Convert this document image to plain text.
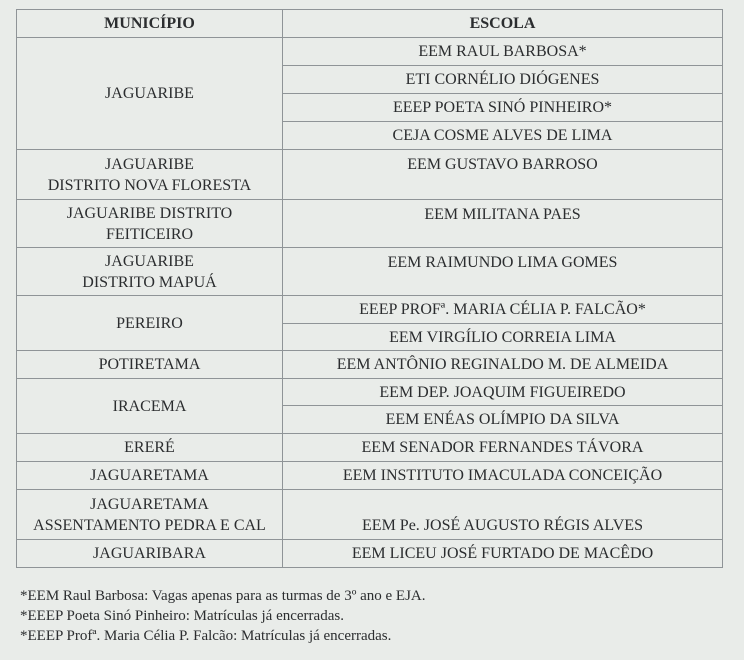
MUNICÍPIO	ESCOLA

JAGUARIBE	EEM RAUL BARBOSA*
	ETI CORNÉLIO DIÓGENES
	EEEP POETA SINÓ PINHEIRO*
	CEJA COSME ALVES DE LIMA

JAGUARIBE
DISTRITO NOVA FLORESTA	EEM GUSTAVO BARROSO

JAGUARIBE DISTRITO
FEITICEIRO	EEM MILITANA PAES

JAGUARIBE
DISTRITO MAPUÁ	EEM RAIMUNDO LIMA GOMES

PEREIRO	EEEP PROFª. MARIA CÉLIA P. FALCÃO*
	EEM VIRGÍLIO CORREIA LIMA

POTIRETAMA	EEM ANTÔNIO REGINALDO M. DE ALMEIDA

IRACEMA	EEM DEP. JOAQUIM FIGUEIREDO
	EEM ENÉAS OLÍMPIO DA SILVA

ERERÉ	EEM SENADOR FERNANDES TÁVORA

JAGUARETAMA	EEM INSTITUTO IMACULADA CONCEIÇÃO

JAGUARETAMA
ASSENTAMENTO PEDRA E CAL	EEM Pe. JOSÉ AUGUSTO RÉGIS ALVES

JAGUARIBARA	EEM LICEU JOSÉ FURTADO DE MACÊDO
*EEM Raul Barbosa: Vagas apenas para as turmas de 3º ano e EJA.
*EEEP Poeta Sinó Pinheiro: Matrículas já encerradas.
*EEEP Profª. Maria Célia P. Falcão: Matrículas já encerradas.
